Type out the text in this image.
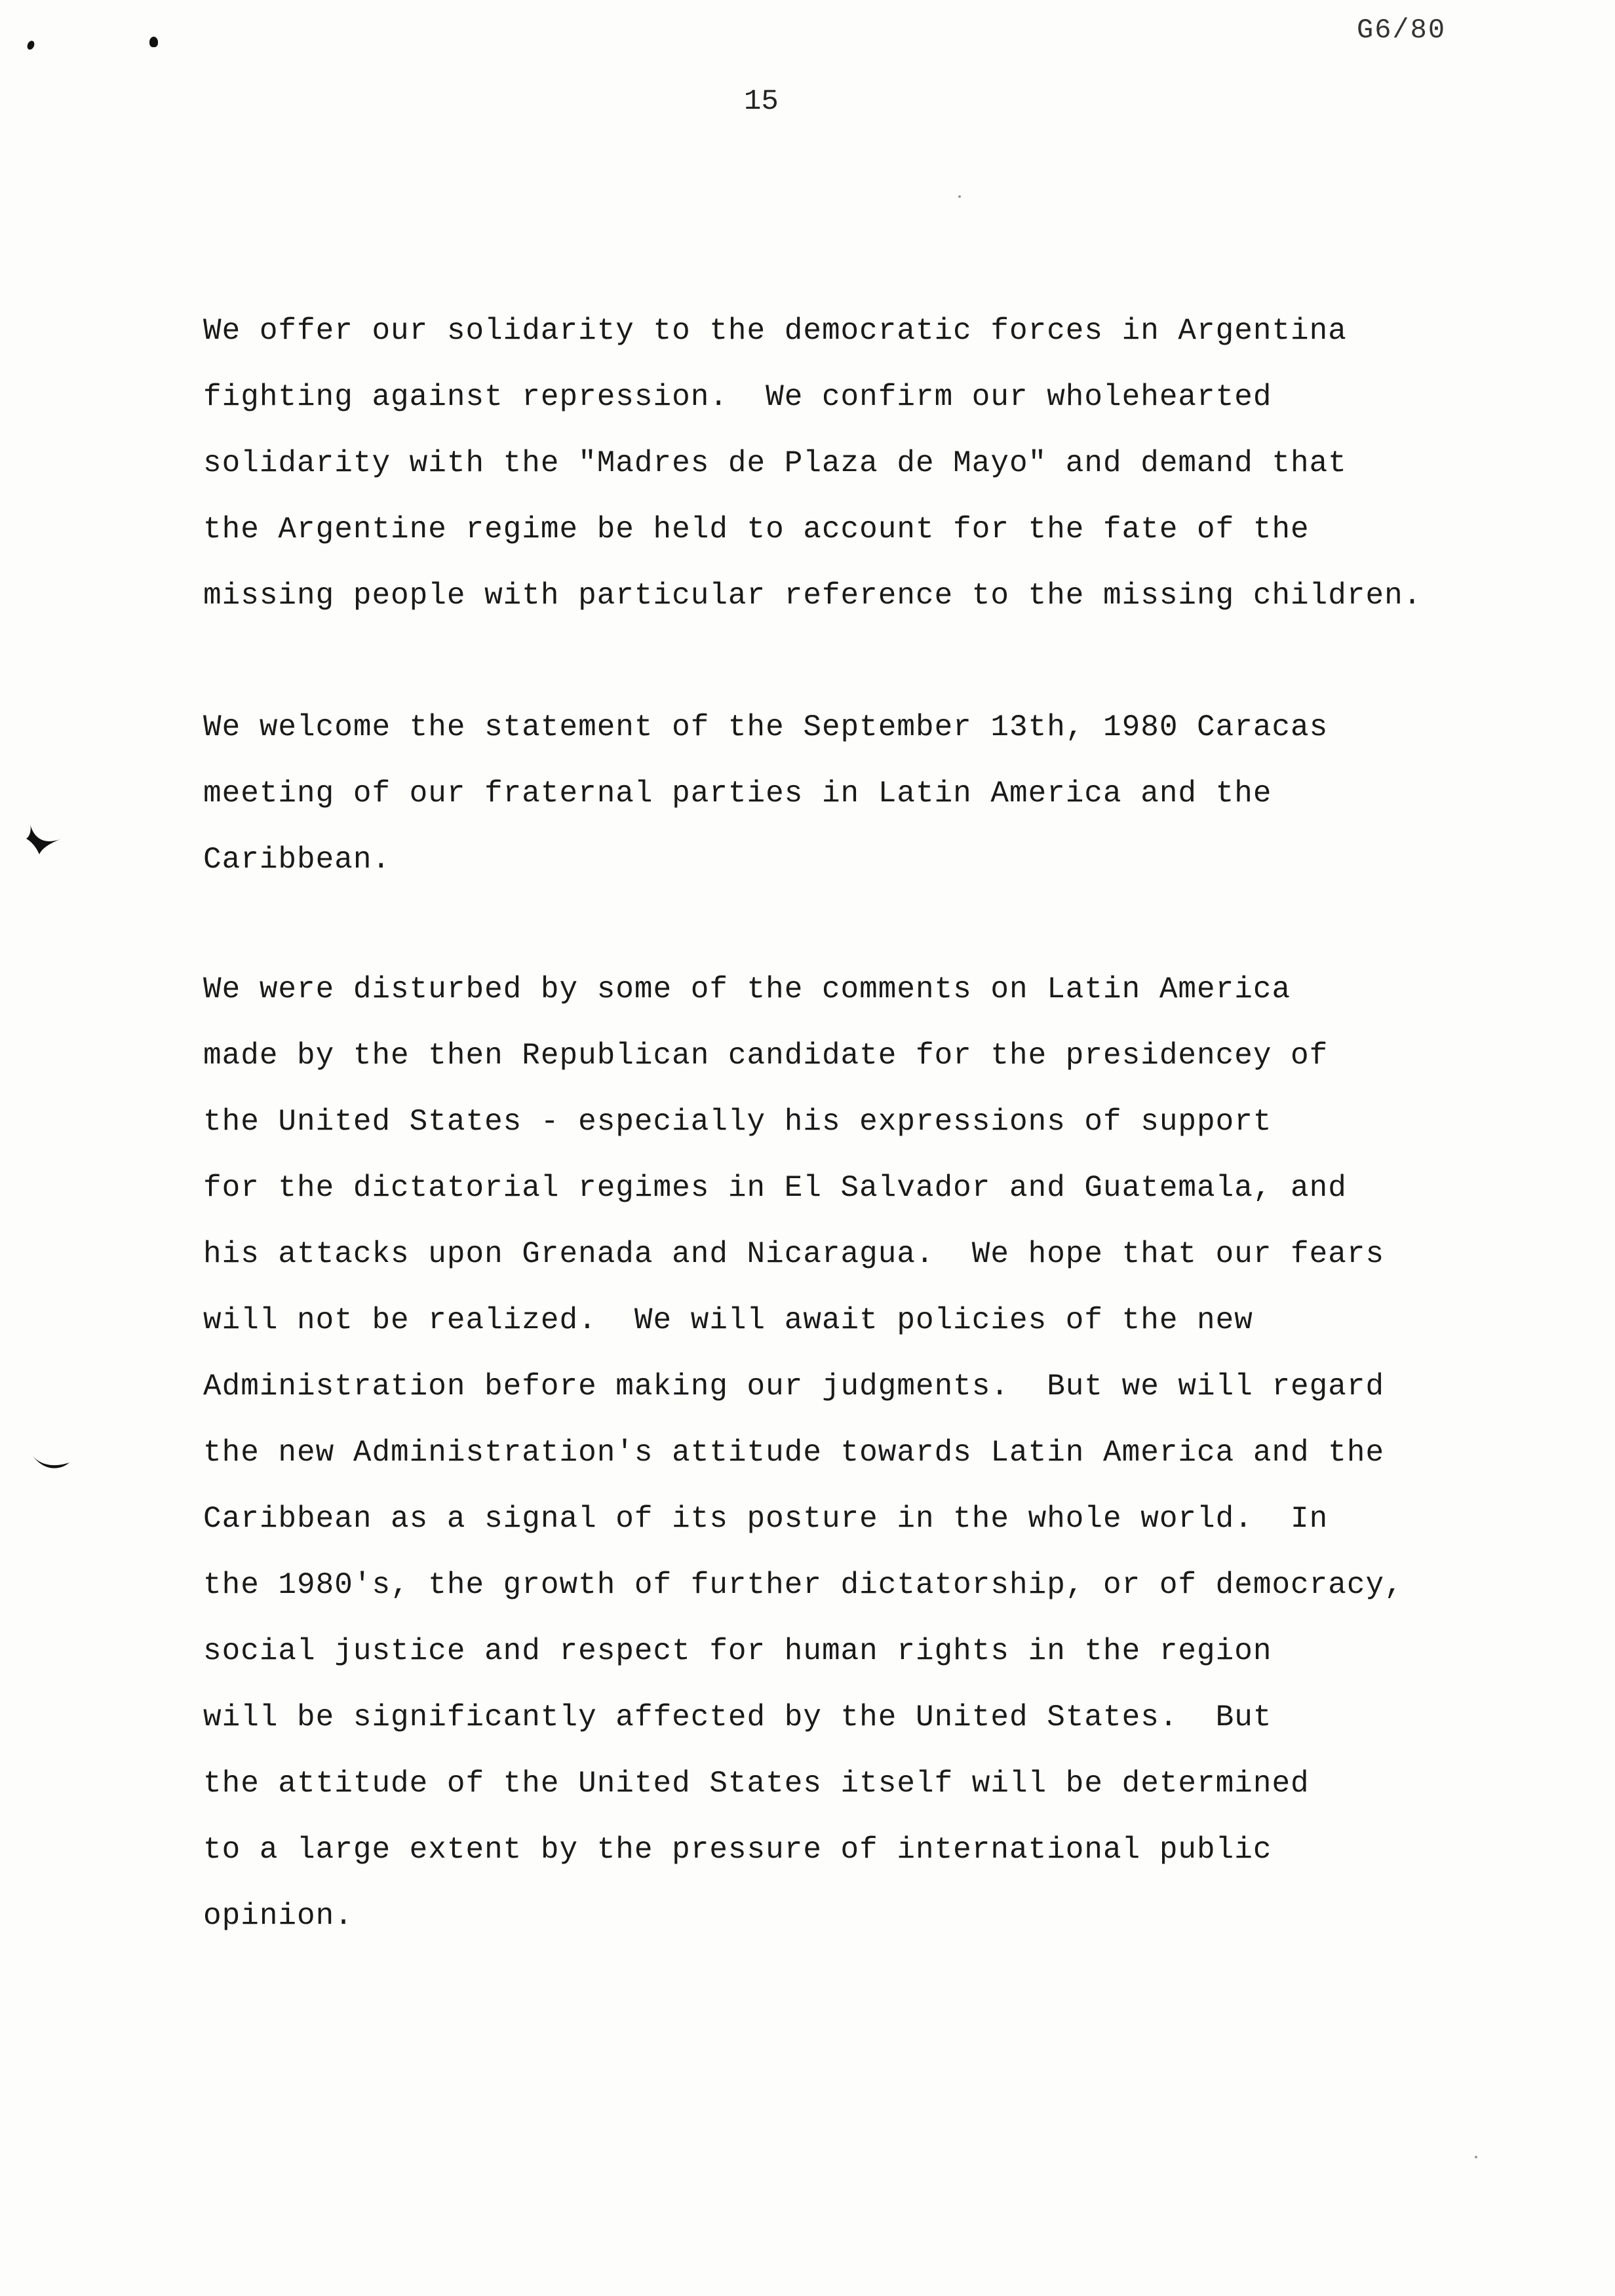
G6/80
15
We offer our solidarity to the democratic forces in Argentina
fighting against repression.  We confirm our wholehearted
solidarity with the "Madres de Plaza de Mayo" and demand that
the Argentine regime be held to account for the fate of the
missing people with particular reference to the missing children.
We welcome the statement of the September 13th, 1980 Caracas
meeting of our fraternal parties in Latin America and the
Caribbean.
We were disturbed by some of the comments on Latin America
made by the then Republican candidate for the presidencey of
the United States - especially his expressions of support
for the dictatorial regimes in El Salvador and Guatemala, and
his attacks upon Grenada and Nicaragua.  We hope that our fears
will not be realized.  We will await policies of the new
Administration before making our judgments.  But we will regard
the new Administration's attitude towards Latin America and the
Caribbean as a signal of its posture in the whole world.  In
the 1980's, the growth of further dictatorship, or of democracy,
social justice and respect for human rights in the region
will be significantly affected by the United States.  But
the attitude of the United States itself will be determined
to a large extent by the pressure of international public
opinion.
